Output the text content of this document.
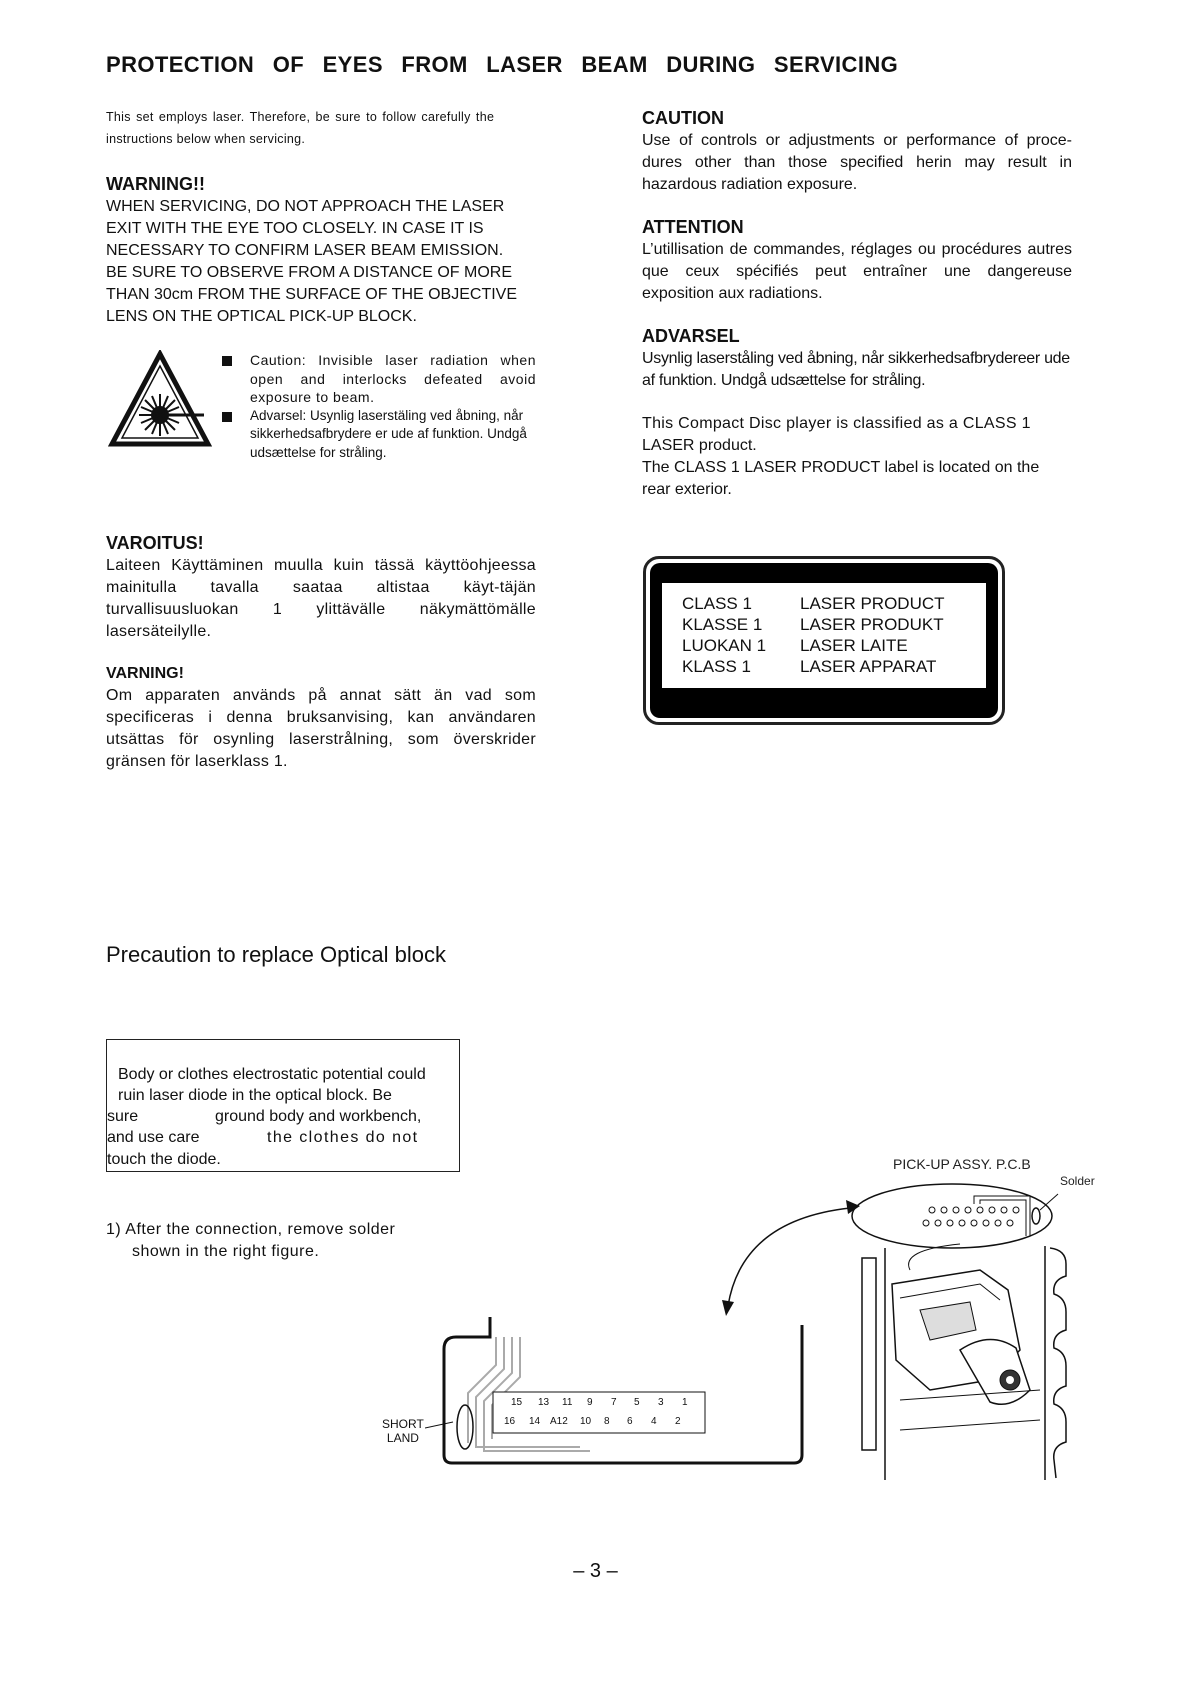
PROTECTION OF EYES FROM LASER BEAM DURING SERVICING
This set employs laser. Therefore, be sure to follow carefully the
instructions below when servicing.
WARNING!!
WHEN SERVICING, DO NOT APPROACH THE LASER
EXIT WITH THE EYE TOO CLOSELY. IN CASE IT IS
NECESSARY TO CONFIRM LASER BEAM EMISSION.
BE SURE TO OBSERVE FROM A DISTANCE OF MORE
THAN 30cm FROM THE SURFACE OF THE OBJECTIVE
LENS ON THE OPTICAL PICK-UP BLOCK.
Caution: Invisible laser radiation when open and interlocks defeated avoid exposure to beam.
Advarsel: Usynlig laserstäling ved åbning, når sikkerhedsafbrydere er ude af funktion. Undgå udsættelse for stråling.
VAROITUS!
Laiteen Käyttäminen muulla kuin tässä käyttöohjeessa mainitulla tavalla saataa altistaa käyt-täjän turvallisuusluokan 1 ylittävälle näkymättömälle lasersäteilylle.
VARNING!
Om apparaten används på annat sätt än vad som specificeras i denna bruksanvising, kan användaren utsättas för osynling laserstrålning, som överskrider gränsen för laserklass 1.
CAUTION
Use of controls or adjustments or performance of proce-dures other than those specified herin may result in hazardous radiation exposure.
ATTENTION
L’utillisation de commandes, réglages ou procédures autres que ceux spécifiés peut entraîner une dangereuse exposition aux radiations.
ADVARSEL
Usynlig laserståling ved åbning, når sikkerhedsafbrydereer ude af funktion. Undgå udsættelse for stråling.
This Compact Disc player is classified as a CLASS 1
LASER product.
The CLASS 1 LASER PRODUCT label is located on the
rear exterior.
CLASS 1	LASER PRODUCT
KLASSE 1	LASER PRODUKT
LUOKAN 1	LASER LAITE
KLASS 1	LASER APPARAT
Precaution to replace Optical block
Body or clothes electrostatic potential could
ruin laser diode in the optical block. Be
sure	ground body and workbench,
and use care	the clothes do not
touch the diode.
1) After the connection, remove solder
shown in the right figure.
15 13 11 9 7 5 3 1
16 14 A12 10 8 6 4 2
SHORT
LAND
PICK-UP ASSY. P.C.B
Solder
– 3 –
